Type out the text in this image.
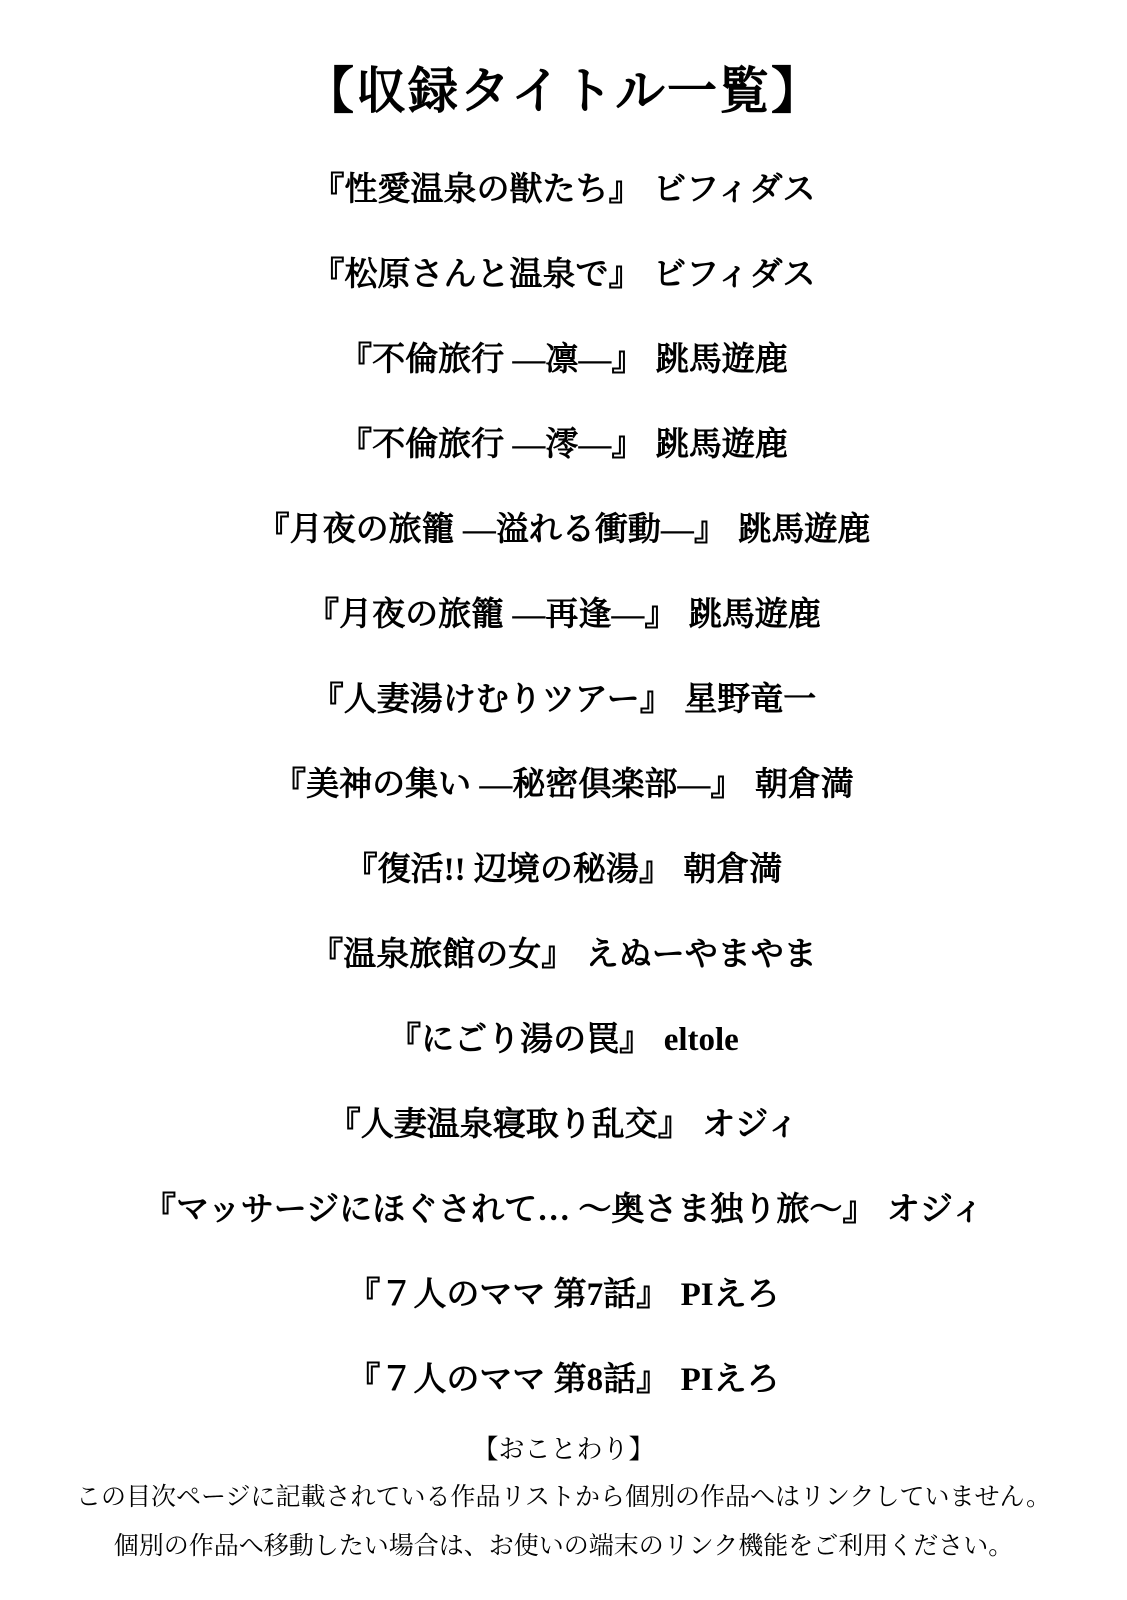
【収録タイトル一覧】
『性愛温泉の獣たち』 ビフィダス
『松原さんと温泉で』 ビフィダス
『不倫旅行 ―凛―』 跳馬遊鹿
『不倫旅行 ―澪―』 跳馬遊鹿
『月夜の旅籠 ―溢れる衝動―』 跳馬遊鹿
『月夜の旅籠 ―再逢―』 跳馬遊鹿
『人妻湯けむりツアー』 星野竜一
『美神の集い ―秘密倶楽部―』 朝倉満
『復活!! 辺境の秘湯』 朝倉満
『温泉旅館の女』 えぬーやまやま
『にごり湯の罠』 eltole
『人妻温泉寝取り乱交』 オジィ
『マッサージにほぐされて… ～奥さま独り旅～』 オジィ
『７人のママ 第7話』 PIえろ
『７人のママ 第8話』 PIえろ
【おことわり】
この目次ページに記載されている作品リストから個別の作品へはリンクしていません。
個別の作品へ移動したい場合は、お使いの端末のリンク機能をご利用ください。
